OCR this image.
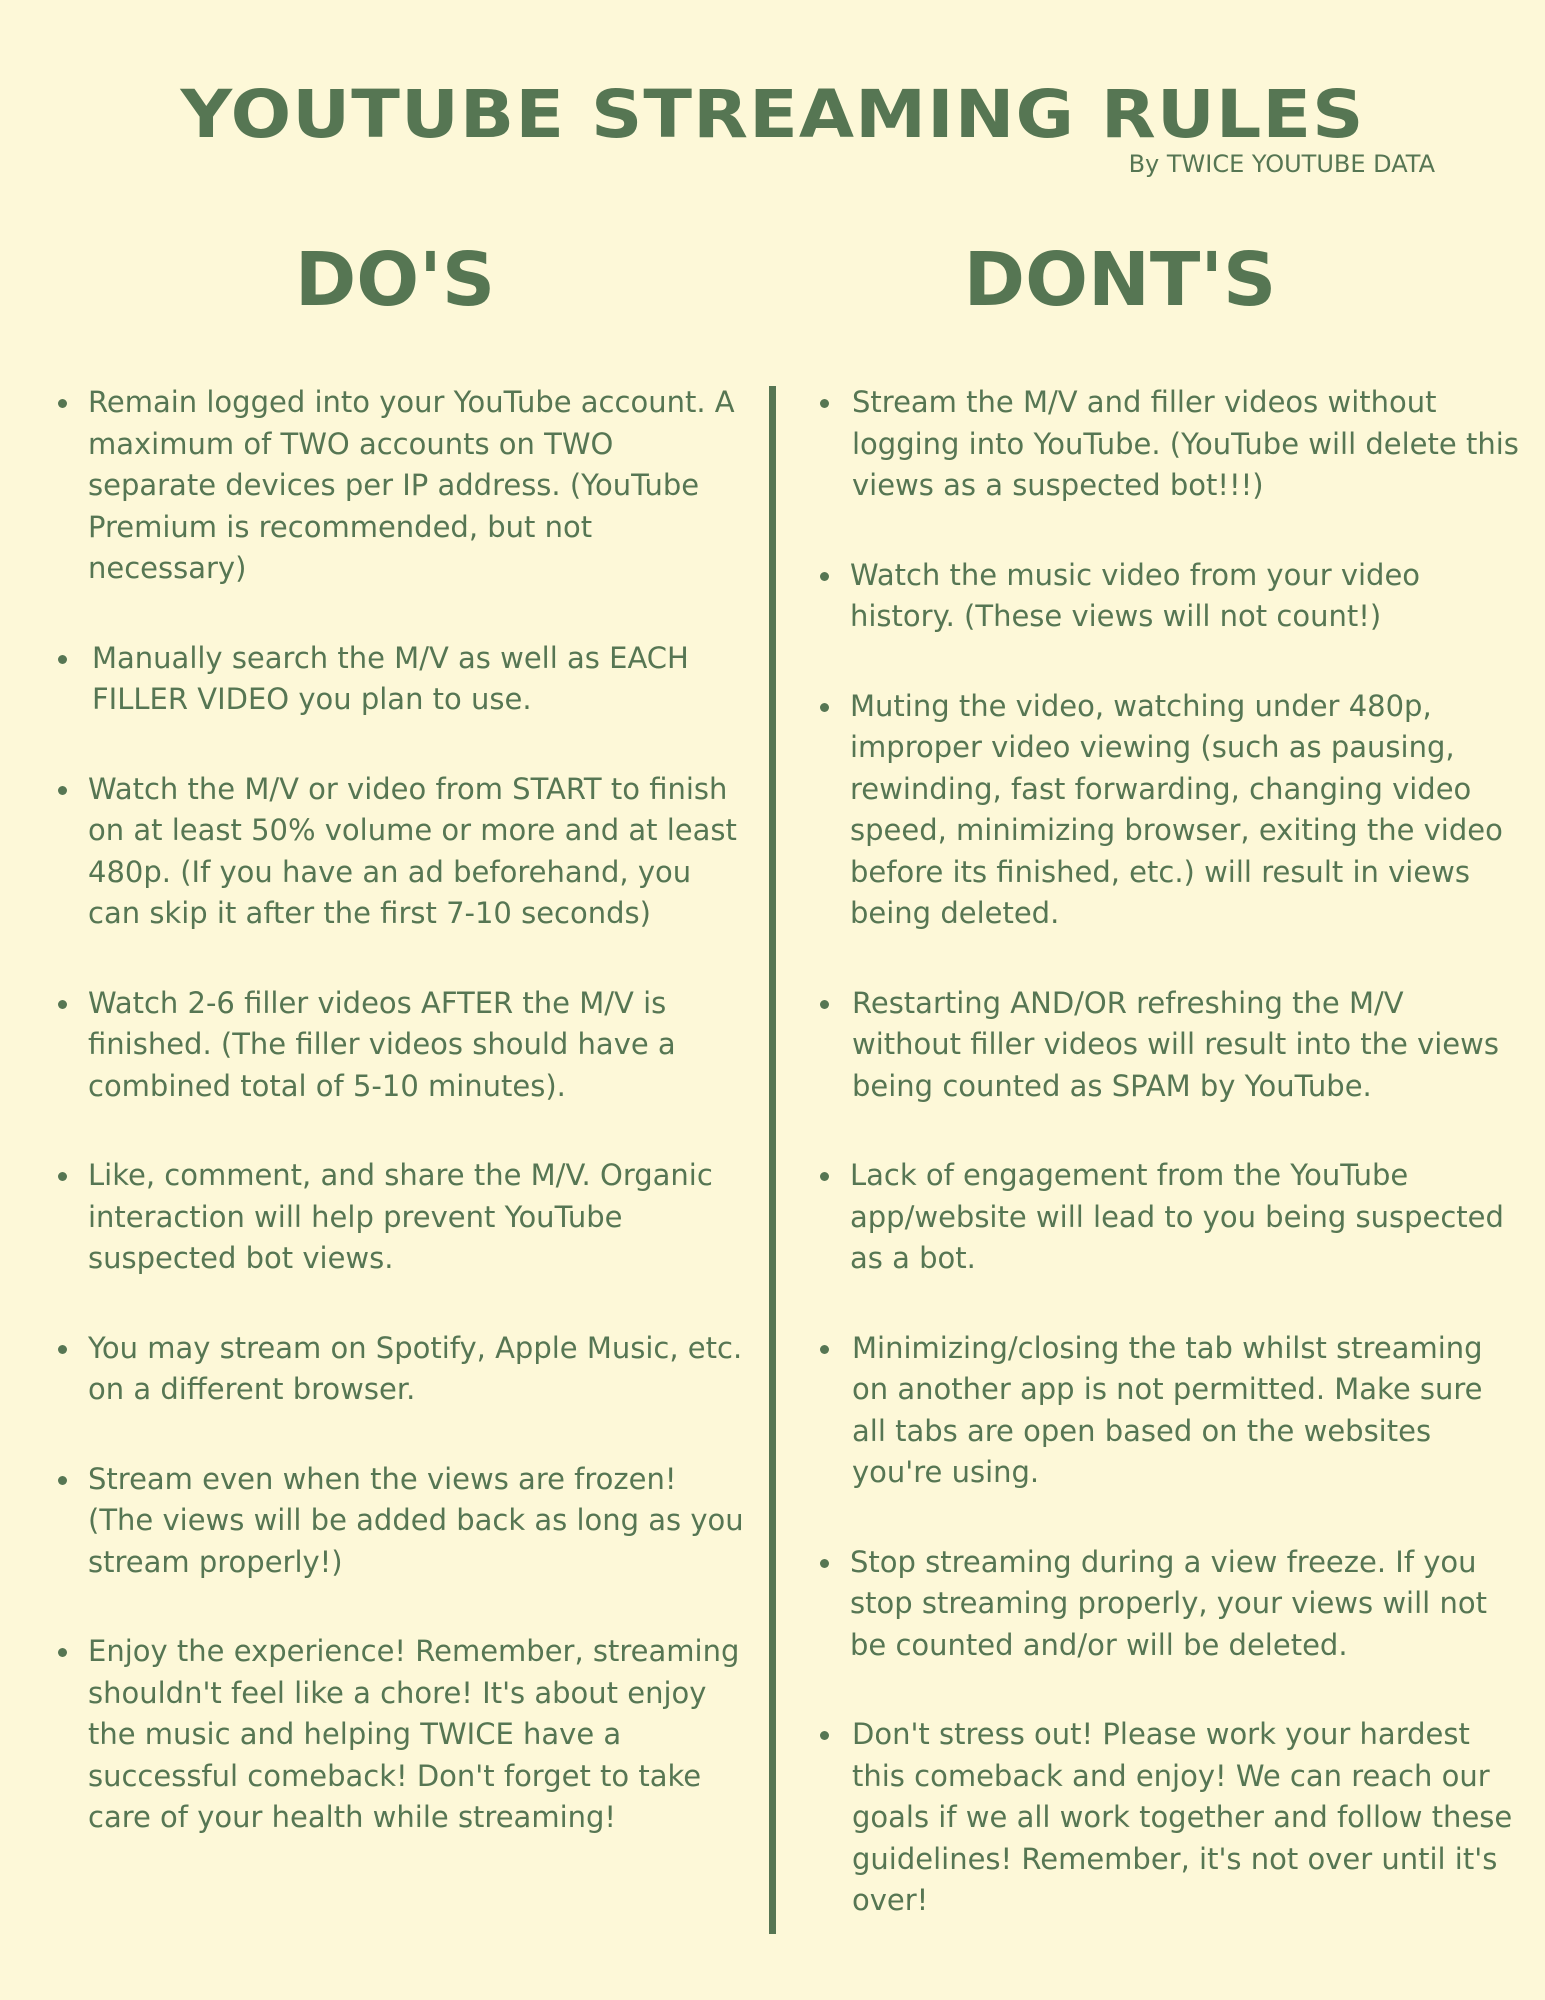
YOUTUBE STREAMING RULES

By TWICE YOUTUBE DATA

DO'S	DONT'S
Remain logged into your YouTube account. A maximum of TWO accounts on TWO separate devices per IP address. (YouTube Premium is recommended, but not necessary)
Manually search the M/V as well as EACH FILLER VIDEO you plan to use.
Watch the M/V or video from START to finish on at least 50% volume or more and at least 480p. (If you have an ad beforehand, you can skip it after the first 7-10 seconds)
Watch 2-6 filler videos AFTER the M/V is finished. (The filler videos should have a combined total of 5-10 minutes).
Like, comment, and share the M/V. Organic interaction will help prevent YouTube suspected bot views.
You may stream on Spotify, Apple Music, etc. on a different browser.
Stream even when the views are frozen! (The views will be added back as long as you stream properly!)
Enjoy the experience! Remember, streaming shouldn't feel like a chore! It's about enjoy the music and helping TWICE have a successful comeback! Don't forget to take care of your health while streaming!
Stream the M/V and filler videos without logging into YouTube. (YouTube will delete this views as a suspected bot!!!)
Watch the music video from your video history. (These views will not count!)
Muting the video, watching under 480p, improper video viewing (such as pausing, rewinding, fast forwarding, changing video speed, minimizing browser, exiting the video before its finished, etc.) will result in views being deleted.
Restarting AND/OR refreshing the M/V without filler videos will result into the views being counted as SPAM by YouTube.
Lack of engagement from the YouTube app/website will lead to you being suspected as a bot.
Minimizing/closing the tab whilst streaming on another app is not permitted. Make sure all tabs are open based on the websites you're using.
Stop streaming during a view freeze. If you stop streaming properly, your views will not be counted and/or will be deleted.
Don't stress out! Please work your hardest this comeback and enjoy! We can reach our goals if we all work together and follow these guidelines! Remember, it's not over until it's over!
